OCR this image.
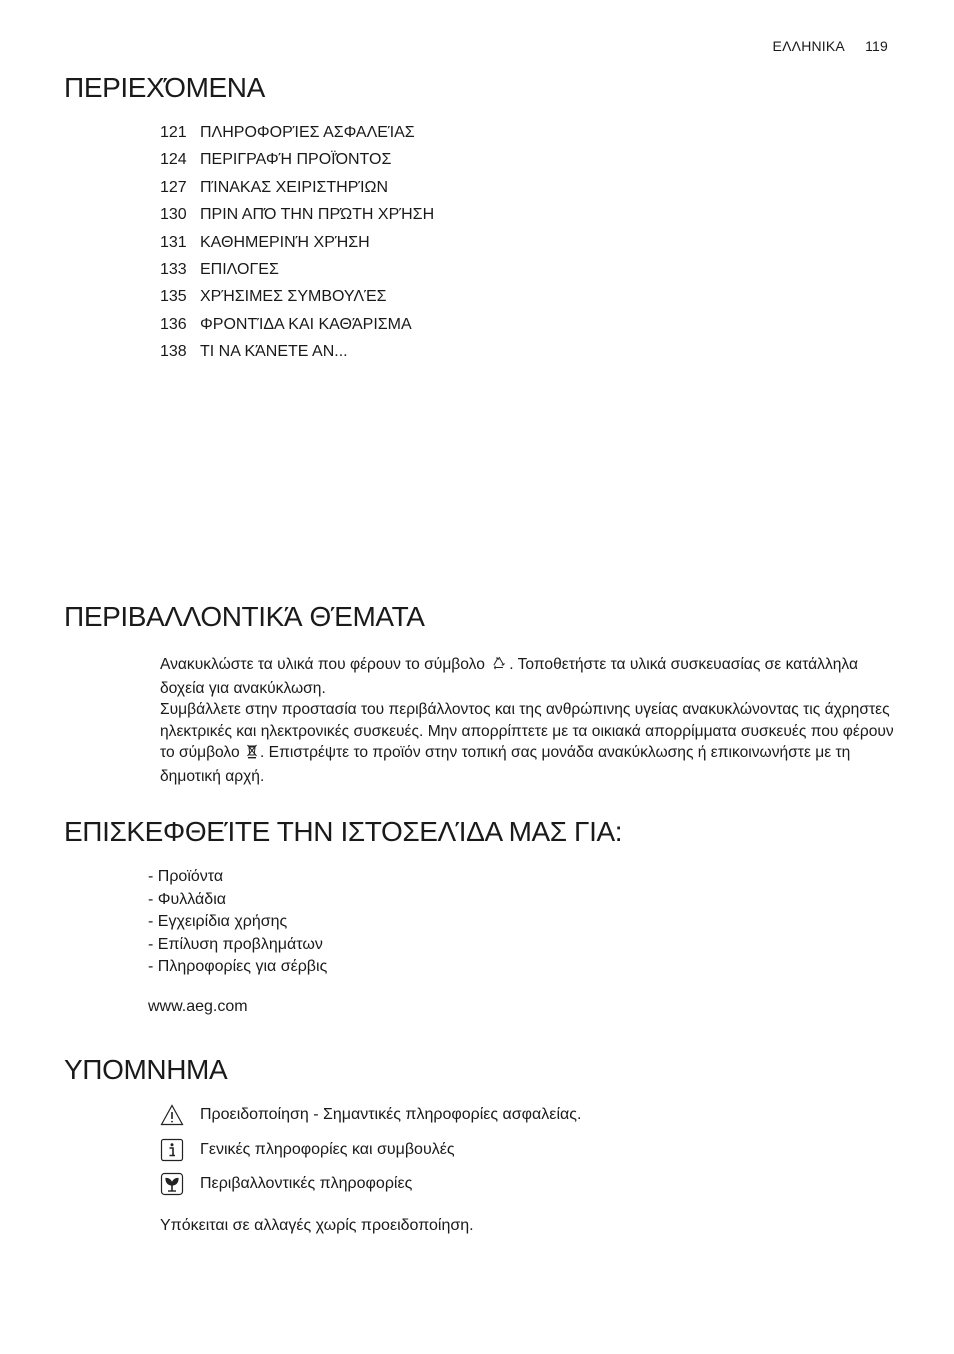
ΕΛΛΗΝΙΚΑ 119
ΠΕΡΙΕΧΌΜΕΝΑ
121 ΠΛΗΡΟΦΟΡΊΕΣ ΑΣΦΑΛΕΊΑΣ
124 ΠΕΡΙΓΡΑΦΉ ΠΡΟΪΌΝΤΟΣ
127 ΠΊΝΑΚΑΣ ΧΕΙΡΙΣΤΗΡΊΩΝ
130 ΠΡΙΝ ΑΠΌ ΤΗΝ ΠΡΏΤΗ ΧΡΉΣΗ
131 ΚΑΘΗΜΕΡΙΝΉ ΧΡΉΣΗ
133 ΕΠΙΛΟΓΕΣ
135 ΧΡΉΣΙΜΕΣ ΣΥΜΒΟΥΛΈΣ
136 ΦΡΟΝΤΊΔΑ ΚΑΙ ΚΑΘΆΡΙΣΜΑ
138 ΤΙ ΝΑ ΚΆΝΕΤΕ ΑΝ...
ΠΕΡΙΒΑΛΛΟΝΤΙΚΆ ΘΈΜΑΤΑ

Ανακυκλώστε τα υλικά που φέρουν το σύμβολο . Τοποθετήστε τα υλικά συσκευασίας σε κατάλληλα δοχεία για ανακύκλωση.

Συμβάλλετε στην προστασία του περιβάλλοντος και της ανθρώπινης υγείας ανακυκλώνοντας τις άχρηστες ηλεκτρικές και ηλεκτρονικές συσκευές. Μην απορρίπτετε με τα οικιακά απορρίμματα συσκευές που φέρουν το σύμβολο . Επιστρέψτε το προϊόν στην τοπική σας μονάδα ανακύκλωσης ή επικοινωνήστε με τη δημοτική αρχή.

ΕΠΙΣΚΕΦΘΕΊΤΕ ΤΗΝ ΙΣΤΟΣΕΛΊΔΑ ΜΑΣ ΓΙΑ:
- Προϊόντα
- Φυλλάδια
- Εγχειρίδια χρήσης
- Επίλυση προβλημάτων
- Πληροφορίες για σέρβις
www.aeg.com
ΥΠΟΜΝΗΜΑ
Προειδοποίηση - Σημαντικές πληροφορίες ασφαλείας.
Γενικές πληροφορίες και συμβουλές
Περιβαλλοντικές πληροφορίες
Υπόκειται σε αλλαγές χωρίς προειδοποίηση.
